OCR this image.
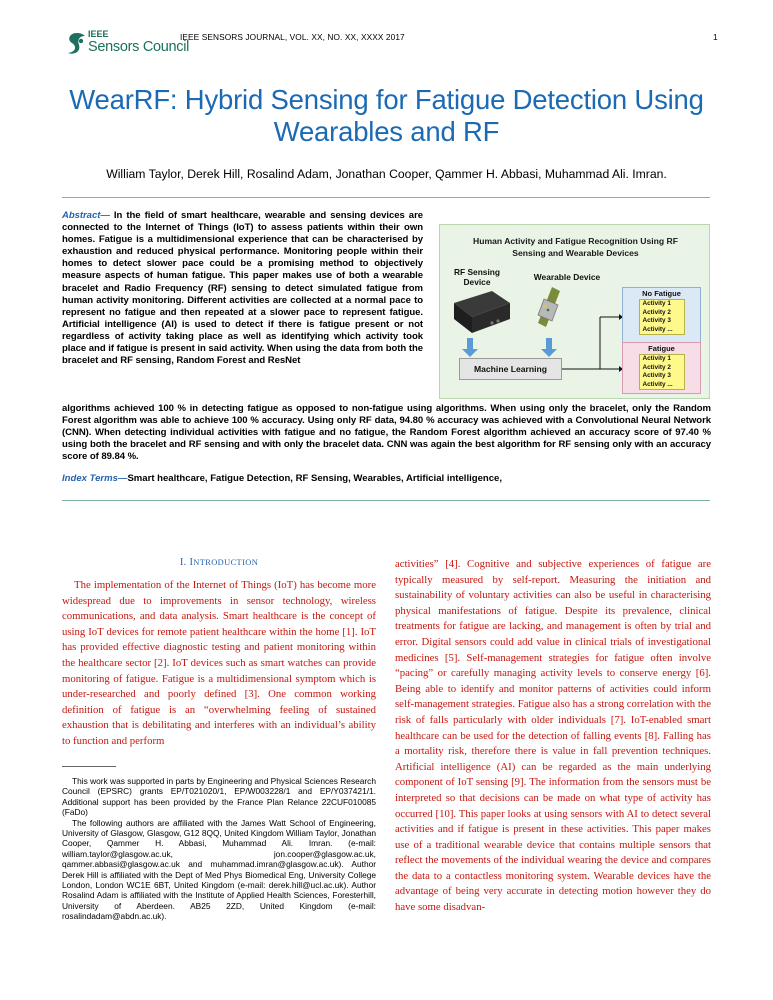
IEEE
Sensors Council
IEEE SENSORS JOURNAL, VOL. XX, NO. XX, XXXX 2017	1
WearRF: Hybrid Sensing for Fatigue Detection Using Wearables and RF
William Taylor, Derek Hill, Rosalind Adam, Jonathan Cooper, Qammer H. Abbasi, Muhammad Ali. Imran.
Abstract— In the field of smart healthcare, wearable and sensing devices are connected to the Internet of Things (IoT) to assess patients within their own homes. Fatigue is a multidimensional experience that can be characterised by exhaustion and reduced physical performance. Monitoring people within their homes to detect slower pace could be a promising method to objectively measure aspects of human fatigue. This paper makes use of both a wearable bracelet and Radio Frequency (RF) sensing to detect simulated fatigue from human activity monitoring. Different activities are collected at a normal pace to represent no fatigue and then repeated at a slower pace to represent fatigue. Artificial intelligence (AI) is used to detect if there is fatigue present or not regardless of activity taking place as well as identifying which activity took place and if fatigue is present in said activity. When using the data from both the bracelet and RF sensing, Random Forest and ResNet
Human Activity and Fatigue Recognition Using RF
Sensing and Wearable Devices
RF Sensing
Device	Wearable Device
Machine Learning
No Fatigue
Activity 1
Activity 2
Activity 3
Activity ...
Fatigue
Activity 1
Activity 2
Activity 3
Activity ...
algorithms achieved 100 % in detecting fatigue as opposed to non-fatigue using algorithms. When using only the bracelet, only the Random Forest algorithm was able to achieve 100 % accuracy. Using only RF data, 94.80 % accuracy was achieved with a Convolutional Neural Network (CNN). When detecting individual activities with fatigue and no fatigue, the Random Forest algorithm achieved an accuracy score of 97.40 % using both the bracelet and RF sensing and with only the bracelet data. CNN was again the best algorithm for RF sensing only with an accuracy score of 89.84 %.
Index Terms—Smart healthcare, Fatigue Detection, RF Sensing, Wearables, Artificial intelligence,
I. INTRODUCTION
The implementation of the Internet of Things (IoT) has become more widespread due to improvements in sensor technology, wireless communications, and data analysis. Smart healthcare is the concept of using IoT devices for remote patient healthcare within the home [1]. IoT has provided effective diagnostic testing and patient monitoring within the healthcare sector [2]. IoT devices such as smart watches can provide monitoring of fatigue. Fatigue is a multidimensional symptom which is under-researched and poorly defined [3]. One common working definition of fatigue is an “overwhelming feeling of sustained exhaustion that is debilitating and interferes with an individual’s ability to function and perform
activities” [4]. Cognitive and subjective experiences of fatigue are typically measured by self-report. Measuring the initiation and sustainability of voluntary activities can also be useful in characterising physical manifestations of fatigue. Despite its prevalence, clinical treatments for fatigue are lacking, and management is often by trial and error. Digital sensors could add value in clinical trials of investigational medicines [5]. Self-management strategies for fatigue often involve “pacing” or carefully managing activity levels to conserve energy [6]. Being able to identify and monitor patterns of activities could inform self-management strategies. Fatigue also has a strong correlation with the risk of falls particularly with older individuals [7]. IoT-enabled smart healthcare can be used for the detection of falling events [8]. Falling has a mortality risk, therefore there is value in fall prevention techniques. Artificial intelligence (AI) can be regarded as the main underlying component of IoT sensing [9]. The information from the sensors must be interpreted so that decisions can be made on what type of activity has occurred [10]. This paper looks at using sensors with AI to detect several activities and if fatigue is present in these activities. This paper makes use of a traditional wearable device that contains multiple sensors that reflect the movements of the individual wearing the device and compares the data to a contactless monitoring system. Wearable devices have the advantage of being very accurate in detecting motion however they do have some disadvan-

This work was supported in parts by Engineering and Physical Sciences Research Council (EPSRC) grants EP/T021020/1, EP/W003228/1 and EP/Y037421/1. Additional support has been provided by the France Plan Relance 22CUF010085 (FaDo)

The following authors are affiliated with the James Watt School of Engineering, University of Glasgow, Glasgow, G12 8QQ, United Kingdom William Taylor, Jonathan Cooper, Qammer H. Abbasi, Muhammad Ali. Imran. (e-mail: william.taylor@glasgow.ac.uk, jon.cooper@glasgow.ac.uk, qammer.abbasi@glasgow.ac.uk and muhammad.imran@glasgow.ac.uk). Author Derek Hill is affiliated with the Dept of Med Phys Biomedical Eng, University College London, London WC1E 6BT, United Kingdom (e-mail: derek.hill@ucl.ac.uk). Author Rosalind Adam is affiliated with the Institute of Applied Health Sciences, Foresterhill, University of Aberdeen. AB25 2ZD, United Kingdom (e-mail: rosalindadam@abdn.ac.uk).
